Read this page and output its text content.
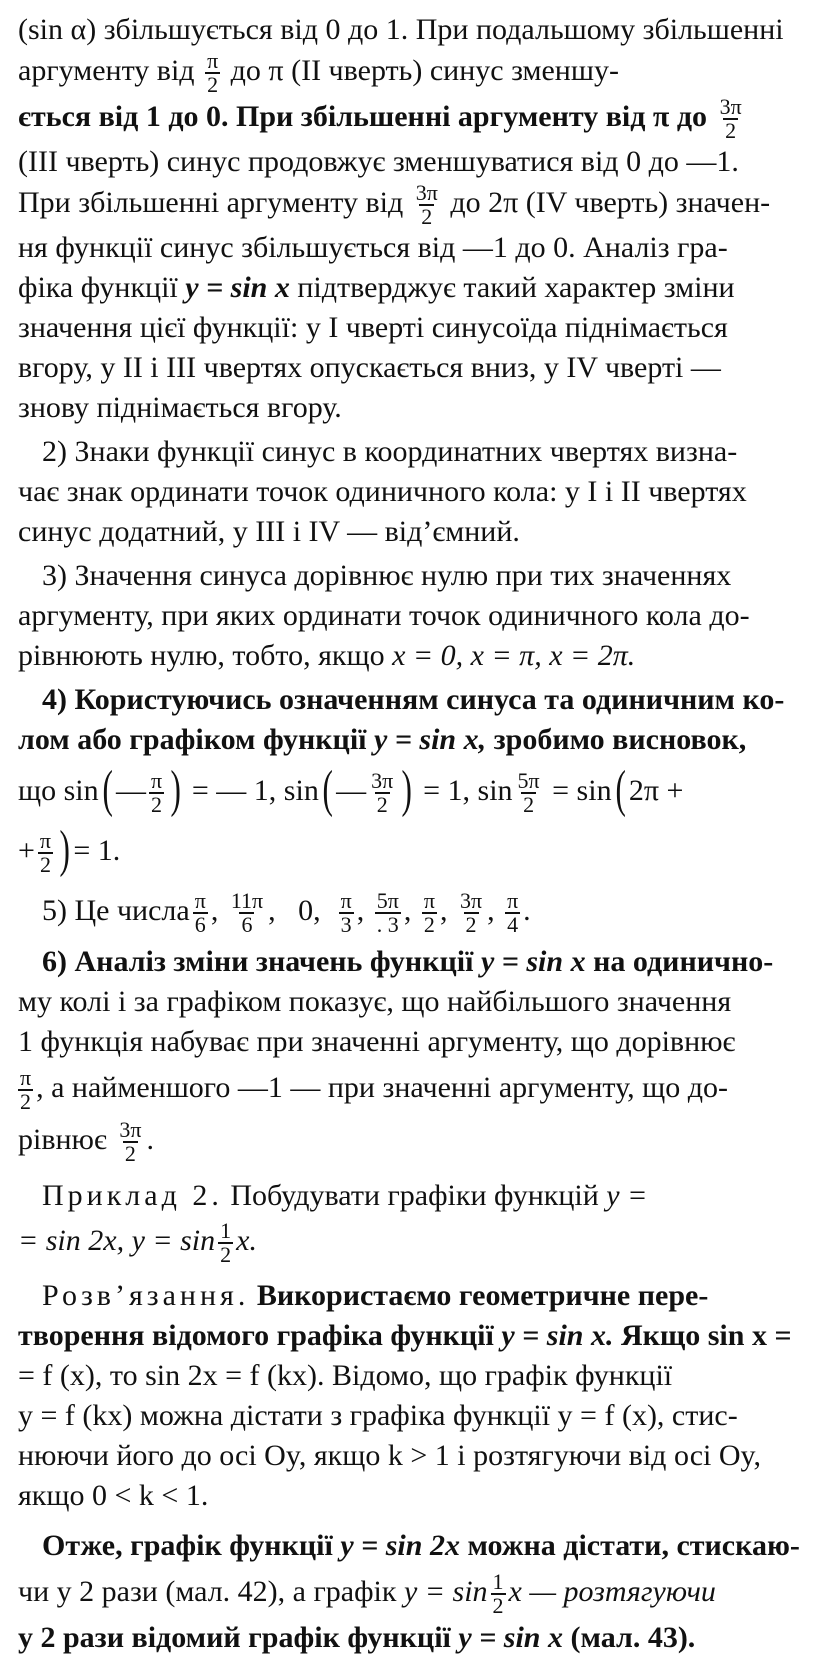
(sin α) збільшується від 0 до 1. При подальшому збільшенні
аргументу від $\frac{\pi}{2}$ до π (II чверть) синус зменшу-
ється від 1 до 0. При збільшенні аргументу від π до $\frac{3\pi}{2}$
(III чверть) синус продовжує зменшуватися від 0 до —1.
При збільшенні аргументу від $\frac{3\pi}{2}$ до 2π (IV чверть) значен-
ня функції синус збільшується від —1 до 0. Аналіз гра-
фіка функції y = sin x підтверджує такий характер зміни
значення цієї функції: у I чверті синусоїда піднімається
вгору, у II і III чвертях опускається вниз, у IV чверті —
знову піднімається вгору.
2) Знаки функції синус в координатних чвертях визна-
чає знак ординати точок одиничного кола: у I і II чвертях
синус додатний, у III і IV — від’ємний.
3) Значення синуса дорівнює нулю при тих значеннях
аргументу, при яких ординати точок одиничного кола до-
рівнюють нулю, тобто, якщо x = 0, x = π, x = 2π.
4) Користуючись означенням синуса та одиничним ко-
лом або графіком функції y = sin x, зробимо висновок,
що sin( — $\frac{\pi}{2}$ ) = — 1, sin( — $\frac{3\pi}{2}$ ) = 1, $\sin \frac{5\pi}{2} = \sin$( 2π +
+ $\frac{\pi}{2}$ ) = 1.
5) Це числа $\frac{\pi}{6}$ , $\frac{11\pi}{6}$ , 0, $\frac{\pi}{3}$ , $\frac{5\pi}{. 3}$ , $\frac{\pi}{2}$ , $\frac{3\pi}{2}$ , $\frac{\pi}{4}$ .
6) Аналіз зміни значень функції y = sin x на одинично-
му колі і за графіком показує, що найбільшого значення
1 функція набуває при значенні аргументу, що дорівнює
$\frac{\pi}{2}$ , а найменшого —1 — при значенні аргументу, що до-
рівнює $\frac{3\pi}{2}$ .
Приклад 2. Побудувати графіки функцій y =
= sin 2x, $y = \sin \frac{1}{2} x$.
Розв’язання. Використаємо геометричне пере-
творення відомого графіка функції y = sin x. Якщо sin x =
= f (x), то sin 2x = f (kx). Відомо, що графік функції
y = f (kx) можна дістати з графіка функції y = f (x), стис-
нюючи його до осі Oy, якщо k > 1 і розтягуючи від осі Oy,
якщо 0 < k < 1.
Отже, графік функції y = sin 2x можна дістати, стискаю-
чи у 2 рази (мал. 42), а графік $y = \sin \frac{1}{2}$ x — розтягуючи
у 2 рази відомий графік функції y = sin x (мал. 43).
